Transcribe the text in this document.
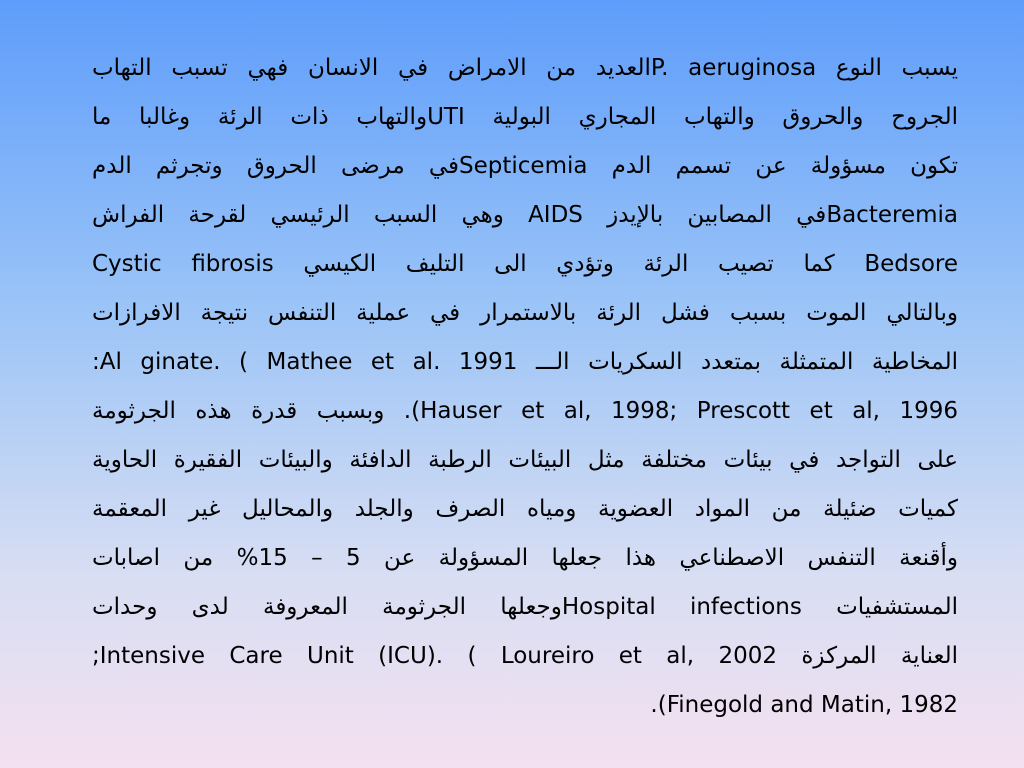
يسبب النوع P. aeruginosaالعديد من الامراض في الانسان فهي تسبب التهاب
الجروح والحروق والتهاب المجاري البولية UTIوالتهاب ذات الرئة وغالبا ما
تكون مسؤولة عن تسمم الدم Septicemiaفي مرضى الحروق وتجرثم الدم
Bacteremiaفي المصابين بالإيدز AIDS وهي السبب الرئيسي لقرحة الفراش
Bedsore كما تصيب الرئة وتؤدي الى التليف الكيسي Cystic fibrosis
وبالتالي الموت بسبب فشل الرئة بالاستمرار في عملية التنفس نتيجة الافرازات
المخاطية المتمثلة بمتعدد السكريات الـــ Al ginate. ( Mathee et al. 1991:
Hauser et al, 1998; Prescott et al, 1996). وبسبب قدرة هذه الجرثومة
على التواجد في بيئات مختلفة مثل البيئات الرطبة الدافئة والبيئات الفقيرة الحاوية
كميات ضئيلة من المواد العضوية ومياه الصرف والجلد والمحاليل غير المعقمة
وأقنعة التنفس الاصطناعي هذا جعلها المسؤولة عن 5 – 15% من اصابات
المستشفيات Hospital infectionsوجعلها الجرثومة المعروفة لدى وحدات
العناية المركزة Intensive Care Unit (ICU). ( Loureiro et al, 2002;
Finegold and Matin, 1982).
